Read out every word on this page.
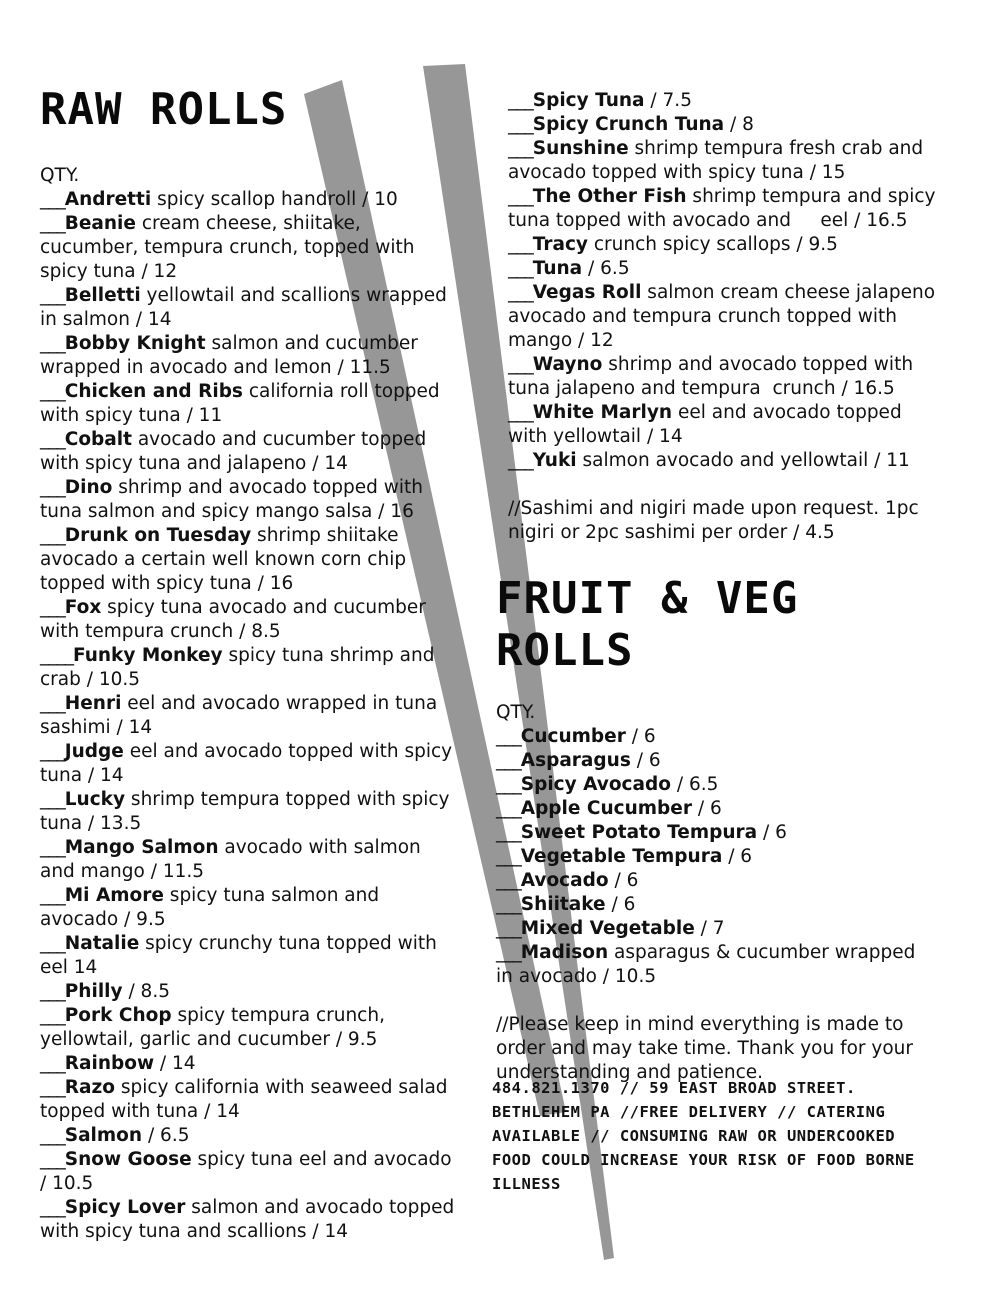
RAW ROLLS
QTY.
___Andretti spicy scallop handroll / 10
___Beanie cream cheese, shiitake, cucumber, tempura crunch, topped with spicy tuna / 12
___Belletti yellowtail and scallions wrapped in salmon / 14
___Bobby Knight salmon and cucumber wrapped in avocado and lemon / 11.5
___Chicken and Ribs california roll topped with spicy tuna / 11
___Cobalt avocado and cucumber topped with spicy tuna and jalapeno / 14
___Dino shrimp and avocado topped with tuna salmon and spicy mango salsa / 16
___Drunk on Tuesday shrimp shiitake avocado a certain well known corn chip topped with spicy tuna / 16
___Fox spicy tuna avocado and cucumber with tempura crunch / 8.5
____Funky Monkey spicy tuna shrimp and crab / 10.5
___Henri eel and avocado wrapped in tuna sashimi / 14
___Judge eel and avocado topped with spicy tuna / 14
___Lucky shrimp tempura topped with spicy tuna / 13.5
___Mango Salmon avocado with salmon and mango / 11.5
___Mi Amore spicy tuna salmon and avocado / 9.5
___Natalie spicy crunchy tuna topped with eel 14
___Philly / 8.5
___Pork Chop spicy tempura crunch, yellowtail, garlic and cucumber / 9.5
___Rainbow / 14
___Razo spicy california with seaweed salad topped with tuna / 14
___Salmon / 6.5
___Snow Goose spicy tuna eel and avocado / 10.5
___Spicy Lover salmon and avocado topped with spicy tuna and scallions / 14
___Spicy Tuna / 7.5
___Spicy Crunch Tuna / 8
___Sunshine shrimp tempura fresh crab and avocado topped with spicy tuna / 15
___The Other Fish shrimp tempura and spicy tuna topped with avocado and     eel / 16.5
___Tracy crunch spicy scallops / 9.5
___Tuna / 6.5
___Vegas Roll salmon cream cheese jalapeno avocado and tempura crunch topped with mango / 12
___Wayno shrimp and avocado topped with tuna jalapeno and tempura  crunch / 16.5
___White Marlyn eel and avocado topped with yellowtail / 14
___Yuki salmon avocado and yellowtail / 11
//Sashimi and nigiri made upon request. 1pc nigiri or 2pc sashimi per order / 4.5
FRUIT & VEG ROLLS
QTY.
___Cucumber / 6
___Asparagus / 6
___Spicy Avocado / 6.5
___Apple Cucumber / 6
___Sweet Potato Tempura / 6
___Vegetable Tempura / 6
___Avocado / 6
___Shiitake / 6
___Mixed Vegetable / 7
___Madison asparagus & cucumber wrapped in avocado / 10.5
//Please keep in mind everything is made to order and may take time. Thank you for your understanding and patience.
484.821.1370 // 59 EAST BROAD STREET. BETHLEHEM PA //FREE DELIVERY // CATERING AVAILABLE // CONSUMING RAW OR UNDERCOOKED FOOD COULD INCREASE YOUR RISK OF FOOD BORNE ILLNESS
